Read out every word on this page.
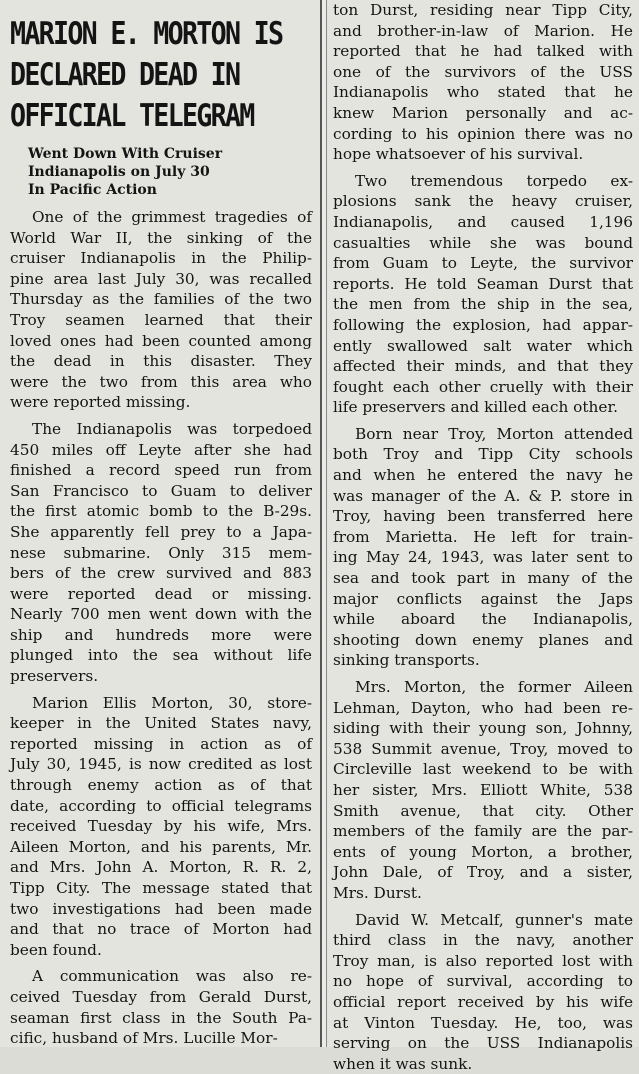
MARION E. MORTON IS
DECLARED DEAD IN
OFFICIAL TELEGRAM
Went Down With Cruiser
Indianapolis on July 30
In Pacific Action
One of the grimmest tragedies of
World War II, the sinking of the
cruiser Indianapolis in the Philip-
pine area last July 30, was recalled
Thursday as the families of the two
Troy seamen learned that their
loved ones had been counted among
the dead in this disaster. They
were the two from this area who
were reported missing.
The Indianapolis was torpedoed
450 miles off Leyte after she had
finished a record speed run from
San Francisco to Guam to deliver
the first atomic bomb to the B-29s.
She apparently fell prey to a Japa-
nese submarine. Only 315 mem-
bers of the crew survived and 883
were reported dead or missing.
Nearly 700 men went down with the
ship and hundreds more were
plunged into the sea without life
preservers.
Marion Ellis Morton, 30, store-
keeper in the United States navy,
reported missing in action as of
July 30, 1945, is now credited as lost
through enemy action as of that
date, according to official telegrams
received Tuesday by his wife, Mrs.
Aileen Morton, and his parents, Mr.
and Mrs. John A. Morton, R. R. 2,
Tipp City. The message stated that
two investigations had been made
and that no trace of Morton had
been found.
A communication was also re-
ceived Tuesday from Gerald Durst,
seaman first class in the South Pa-
cific, husband of Mrs. Lucille Mor-
ton Durst, residing near Tipp City,
and brother-in-law of Marion. He
reported that he had talked with
one of the survivors of the USS
Indianapolis who stated that he
knew Marion personally and ac-
cording to his opinion there was no
hope whatsoever of his survival.
Two tremendous torpedo ex-
plosions sank the heavy cruiser,
Indianapolis, and caused 1,196
casualties while she was bound
from Guam to Leyte, the survivor
reports. He told Seaman Durst that
the men from the ship in the sea,
following the explosion, had appar-
ently swallowed salt water which
affected their minds, and that they
fought each other cruelly with their
life preservers and killed each other.
Born near Troy, Morton attended
both Troy and Tipp City schools
and when he entered the navy he
was manager of the A. & P. store in
Troy, having been transferred here
from Marietta. He left for train-
ing May 24, 1943, was later sent to
sea and took part in many of the
major conflicts against the Japs
while aboard the Indianapolis,
shooting down enemy planes and
sinking transports.
Mrs. Morton, the former Aileen
Lehman, Dayton, who had been re-
siding with their young son, Johnny,
538 Summit avenue, Troy, moved to
Circleville last weekend to be with
her sister, Mrs. Elliott White, 538
Smith avenue, that city. Other
members of the family are the par-
ents of young Morton, a brother,
John Dale, of Troy, and a sister,
Mrs. Durst.
David W. Metcalf, gunner's mate
third class in the navy, another
Troy man, is also reported lost with
no hope of survival, according to
official report received by his wife
at Vinton Tuesday. He, too, was
serving on the USS Indianapolis
when it was sunk.
